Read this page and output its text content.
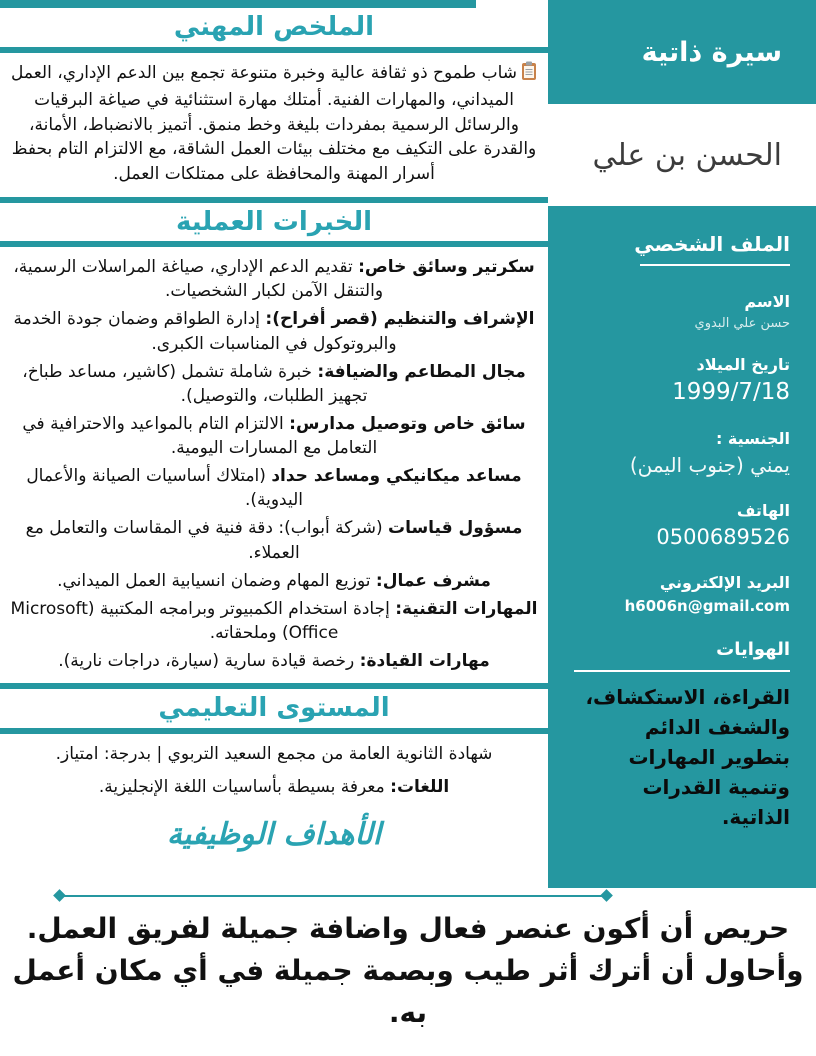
الملخص المهني

شاب طموح ذو ثقافة عالية وخبرة متنوعة تجمع بين الدعم الإداري، العمل الميداني، والمهارات الفنية. أمتلك مهارة استثنائية في صياغة البرقيات والرسائل الرسمية بمفردات بليغة وخط منمق. أتميز بالانضباط، الأمانة، والقدرة على التكيف مع مختلف بيئات العمل الشاقة، مع الالتزام التام بحفظ أسرار المهنة والمحافظة على ممتلكات العمل.

الخبرات العملية
سكرتير وسائق خاص: تقديم الدعم الإداري، صياغة المراسلات الرسمية، والتنقل الآمن لكبار الشخصيات.
الإشراف والتنظيم (قصر أفراح): إدارة الطواقم وضمان جودة الخدمة والبروتوكول في المناسبات الكبرى.
مجال المطاعم والضيافة: خبرة شاملة تشمل (كاشير، مساعد طباخ، تجهيز الطلبات، والتوصيل).
سائق خاص وتوصيل مدارس: الالتزام التام بالمواعيد والاحترافية في التعامل مع المسارات اليومية.
مساعد ميكانيكي ومساعد حداد (امتلاك أساسيات الصيانة والأعمال اليدوية).
مسؤول قياسات (شركة أبواب): دقة فنية في المقاسات والتعامل مع العملاء.
مشرف عمال: توزيع المهام وضمان انسيابية العمل الميداني.
المهارات التقنية: إجادة استخدام الكمبيوتر وبرامجه المكتبية (Microsoft Office) وملحقاته.
مهارات القيادة: رخصة قيادة سارية (سيارة، دراجات نارية).
المستوى التعليمي

شهادة الثانوية العامة من مجمع السعيد التربوي | بدرجة: امتياز.

اللغات: معرفة بسيطة بأساسيات اللغة الإنجليزية.

الأهداف الوظيفية
سيرة ذاتية
الحسن بن علي
الملف الشخصي
الاسم
حسن علي البدوي
تاريخ الميلاد
1999/7/18
الجنسية :
يمني (جنوب اليمن)
الهاتف
0500689526
البريد الإلكتروني
h6006n@gmail.com
الهوايات

القراءة، الاستكشاف، والشغف الدائم بتطوير المهارات وتنمية القدرات الذاتية.

حريص أن أكون عنصر فعال واضافة جميلة لفريق العمل. وأحاول أن أترك أثر طيب وبصمة جميلة في أي مكان أعمل به.
